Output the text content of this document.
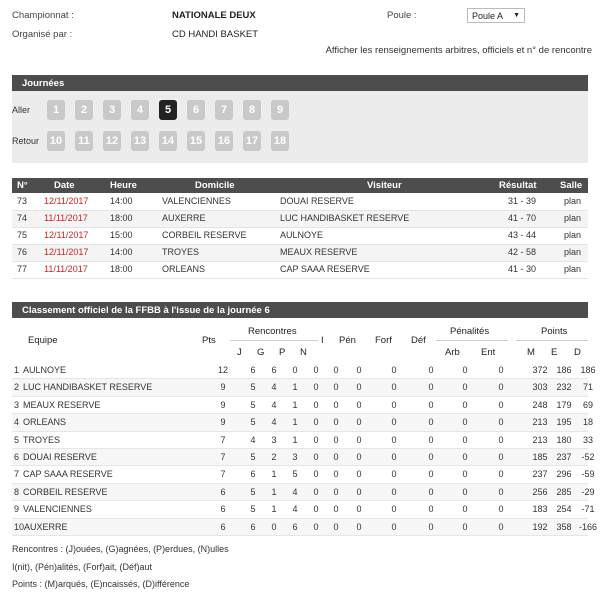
Championnat :	NATIONALE DEUX	Poule :	Poule A ▼
Organisé par :	CD HANDI BASKET
Afficher les renseignements arbitres, officiels et n° de rencontre
Journées
Aller	1	2	3	4	5	6	7	8	9
Retour 10 11 12 13 14 15 16 17 18
N°	Date	Heure	Domicile	Visiteur	Résultat Salle
73 12/11/2017 14:00	VALENCIENNES	DOUAI RESERVE	31 - 39	plan
74 11/11/2017 18:00	AUXERRE	LUC HANDIBASKET RESERVE	41 - 70	plan
75 12/11/2017 15:00	CORBEIL RESERVE	AULNOYE	43 - 44	plan
76 12/11/2017 14:00	TROYES	MEAUX RESERVE	42 - 58	plan
77 11/11/2017 18:00	ORLEANS	CAP SAAA RESERVE	41 - 30	plan
Classement officiel de la FFBB à l'issue de la journée 6
Equipe	Pts
Rencontres
I Pén Forf Déf
Pénalités	Points
J G P N	Arb Ent	M E D
1 AULNOYE	12	6	6	0	0	0	0	0	0	0	0	372 186 186
2 LUC HANDIBASKET RESERVE	9	5	4	1	0	0	0	0	0	0	0	303 232	71
3 MEAUX RESERVE	9	5	4	1	0	0	0	0	0	0	0	248 179	69
4 ORLEANS	9	5	4	1	0	0	0	0	0	0	0	213 195	18
5 TROYES	7	4	3	1	0	0	0	0	0	0	0	213 180	33
6 DOUAI RESERVE	7	5	2	3	0	0	0	0	0	0	0	185 237	-52
7 CAP SAAA RESERVE	7	6	1	5	0	0	0	0	0	0	0	237 296	-59
8 CORBEIL RESERVE	6	5	1	4	0	0	0	0	0	0	0	256 285	-29
9 VALENCIENNES	6	5	1	4	0	0	0	0	0	0	0	183 254	-71
10 AUXERRE	6	6	0	6	0	0	0	0	0	0	0	192 358 -166
Rencontres : (J)ouées, (G)agnées, (P)erdues, (N)ulles
I(nit), (Pén)alités, (Forf)ait, (Déf)aut
Points : (M)arqués, (E)ncaissés, (D)ifférence
